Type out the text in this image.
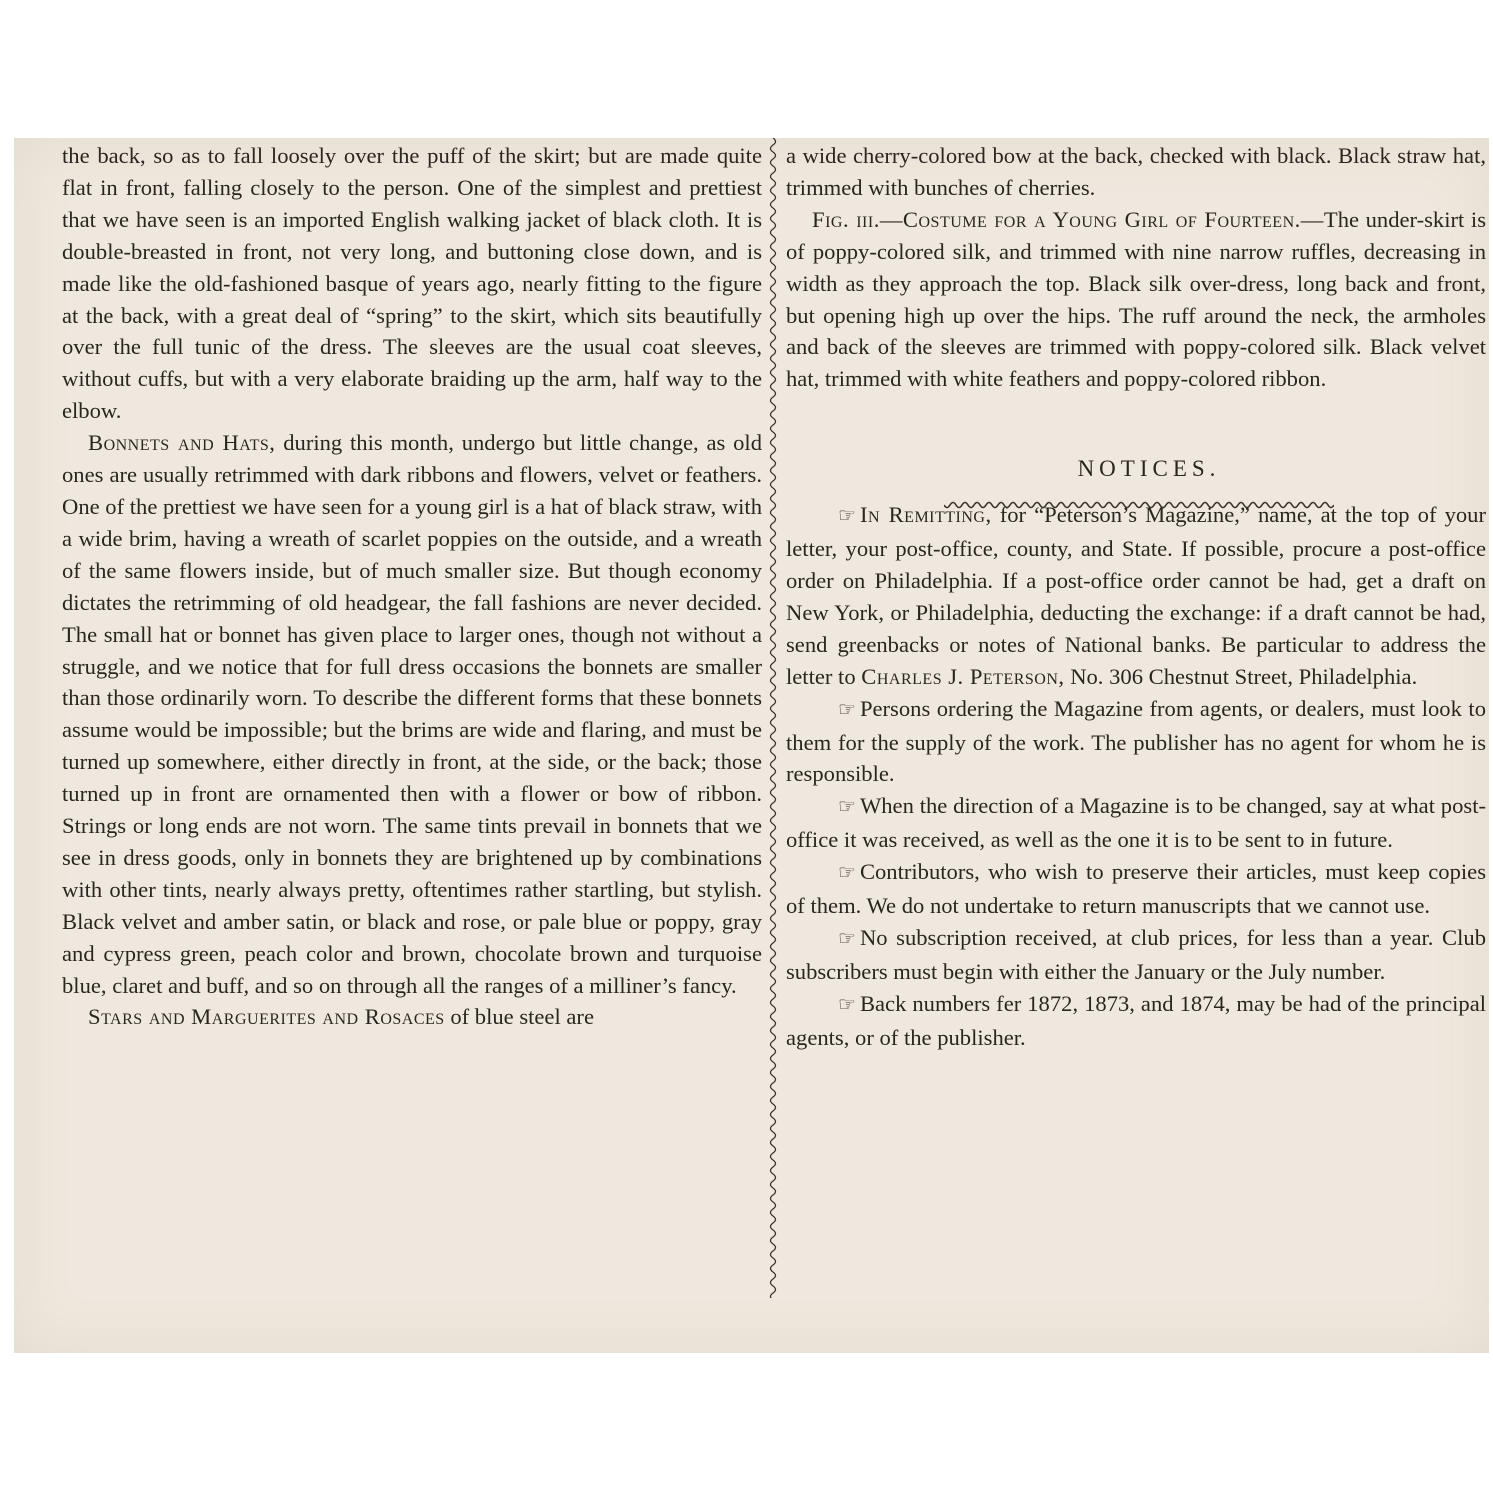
the back, so as to fall loosely over the puff of the skirt; but are made quite flat in front, falling closely to the person. One of the simplest and prettiest that we have seen is an imported English walking jacket of black cloth. It is double-breasted in front, not very long, and buttoning close down, and is made like the old-fashioned basque of years ago, nearly fitting to the figure at the back, with a great deal of “spring” to the skirt, which sits beautifully over the full tunic of the dress. The sleeves are the usual coat sleeves, without cuffs, but with a very elaborate braiding up the arm, half way to the elbow.

Bonnets and Hats, during this month, undergo but little change, as old ones are usually retrimmed with dark ribbons and flowers, velvet or feathers. One of the prettiest we have seen for a young girl is a hat of black straw, with a wide brim, having a wreath of scarlet poppies on the outside, and a wreath of the same flowers inside, but of much smaller size. But though economy dictates the retrimming of old headgear, the fall fashions are never decided. The small hat or bonnet has given place to larger ones, though not without a struggle, and we notice that for full dress occasions the bonnets are smaller than those ordinarily worn. To describe the different forms that these bonnets assume would be impossible; but the brims are wide and flaring, and must be turned up somewhere, either directly in front, at the side, or the back; those turned up in front are ornamented then with a flower or bow of ribbon. Strings or long ends are not worn. The same tints prevail in bonnets that we see in dress goods, only in bonnets they are brightened up by combinations with other tints, nearly always pretty, oftentimes rather startling, but stylish. Black velvet and amber satin, or black and rose, or pale blue or poppy, gray and cypress green, peach color and brown, chocolate brown and turquoise blue, claret and buff, and so on through all the ranges of a milliner’s fancy.

Stars and Marguerites and Rosaces of blue steel are

a wide cherry-colored bow at the back, checked with black. Black straw hat, trimmed with bunches of cherries.

Fig. iii.—Costume for a Young Girl of Fourteen.—The under-skirt is of poppy-colored silk, and trimmed with nine narrow ruffles, decreasing in width as they approach the top. Black silk over-dress, long back and front, but opening high up over the hips. The ruff around the neck, the armholes and back of the sleeves are trimmed with poppy-colored silk. Black velvet hat, trimmed with white feathers and poppy-colored ribbon.

NOTICES.

☞ In Remitting, for “Peterson’s Magazine,” name, at the top of your letter, your post-office, county, and State. If possible, procure a post-office order on Philadelphia. If a post-office order cannot be had, get a draft on New York, or Philadelphia, deducting the exchange: if a draft cannot be had, send greenbacks or notes of National banks. Be particular to address the letter to Charles J. Peterson, No. 306 Chestnut Street, Philadelphia.

☞ Persons ordering the Magazine from agents, or dealers, must look to them for the supply of the work. The publisher has no agent for whom he is responsible.

☞ When the direction of a Magazine is to be changed, say at what post-office it was received, as well as the one it is to be sent to in future.

☞ Contributors, who wish to preserve their articles, must keep copies of them. We do not undertake to return manuscripts that we cannot use.

☞ No subscription received, at club prices, for less than a year. Club subscribers must begin with either the January or the July number.

☞ Back numbers fer 1872, 1873, and 1874, may be had of the principal agents, or of the publisher.
